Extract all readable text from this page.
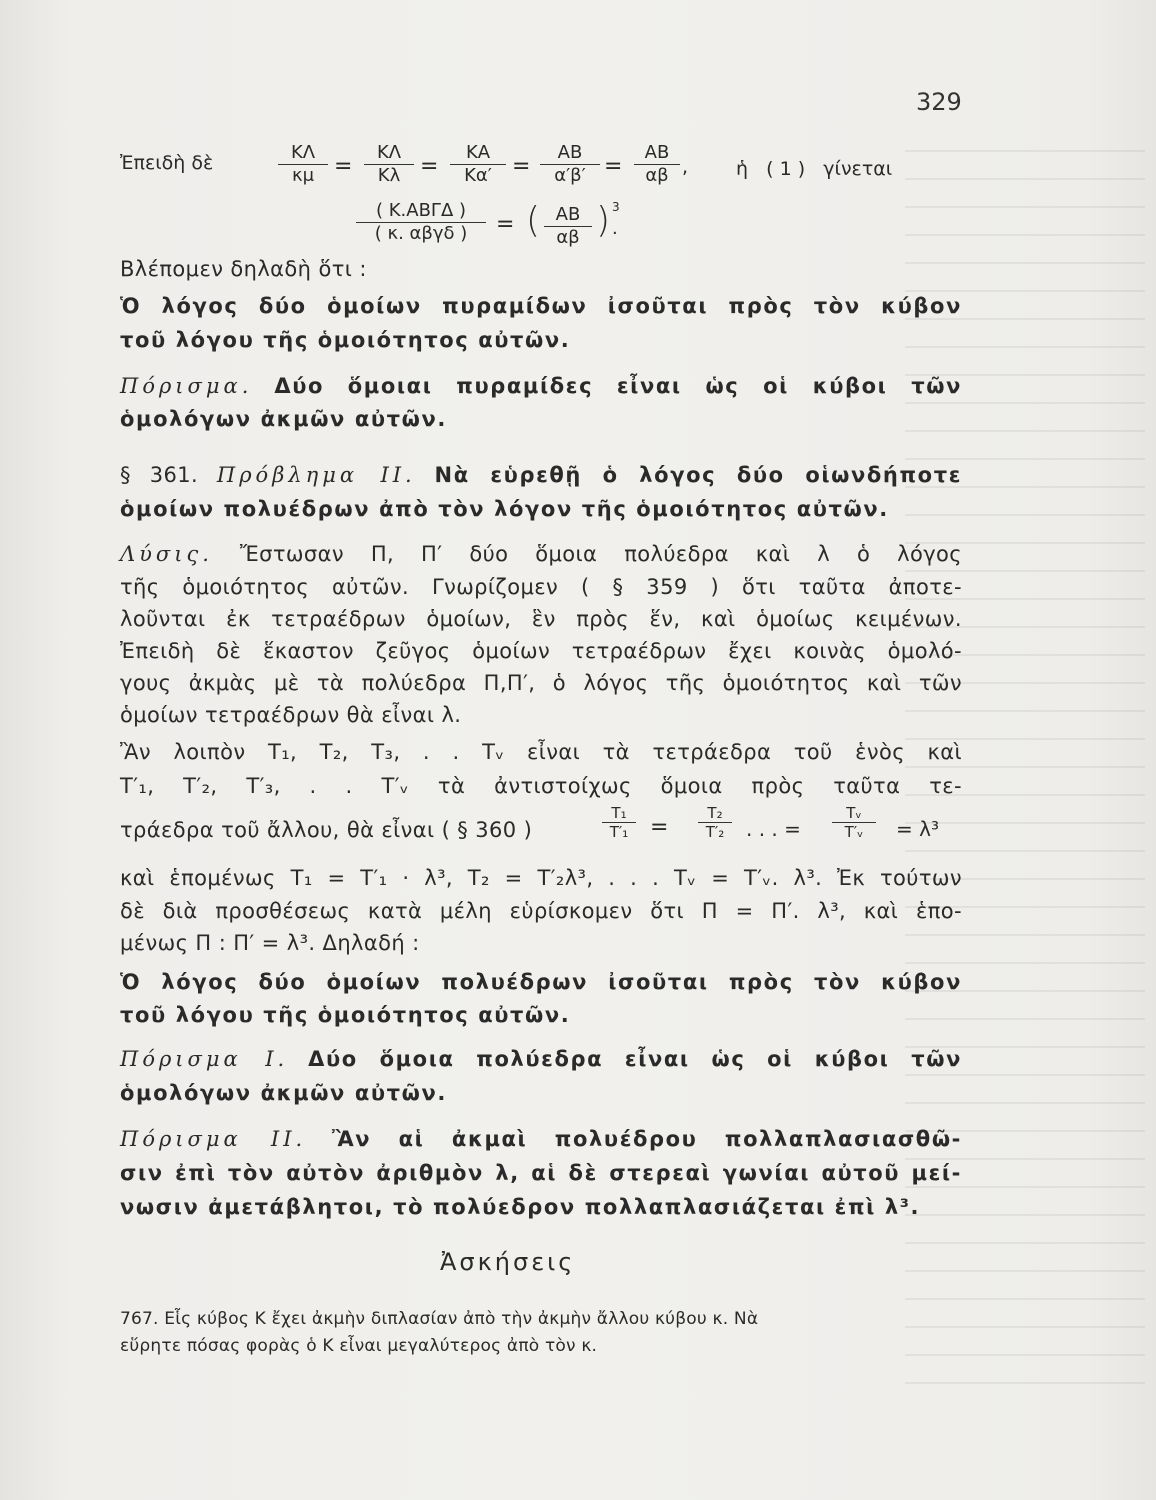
329
Ἐπειδὴ δὲ	$\frac{K\Lambda}{\kappa\mu} = \frac{K\Lambda}{K\lambda} = \frac{KA}{K\alpha'} = \frac{AB}{\alpha'\beta'} = \frac{AB}{\alpha\beta}$ ,	ἡ   ( 1 )   γίνεται
( Κ.ΑΒΓΔ )
( κ. αβγδ )	= ( $\frac{AB}{\alpha\beta}$ ) 3
.
Βλέπομεν δηλαδὴ ὅτι :
Ὁ λόγος δύο ὁμοίων πυραμίδων ἰσοῦται πρὸς τὸν κύβον
τοῦ λόγου τῆς ὁμοιότητος αὐτῶν.
Πόρισμα. Δύο ὅμοιαι πυραμίδες εἶναι ὡς οἱ κύβοι τῶν
ὁμολόγων ἀκμῶν αὐτῶν.
§ 361. Πρόβλημα ΙΙ. Νὰ εὑρεθῇ ὁ λόγος δύο οἱωνδήποτε
ὁμοίων πολυέδρων ἀπὸ τὸν λόγον τῆς ὁμοιότητος αὐτῶν.
Λύσις. Ἔστωσαν Π, Π′ δύο ὅμοια πολύεδρα καὶ λ ὁ λόγος
τῆς ὁμοιότητος αὐτῶν. Γνωρίζομεν ( § 359 ) ὅτι ταῦτα ἀποτε-
λοῦνται ἐκ τετραέδρων ὁμοίων, ἓν πρὸς ἕν, καὶ ὁμοίως κειμένων.
Ἐπειδὴ δὲ ἕκαστον ζεῦγος ὁμοίων τετραέδρων ἔχει κοινὰς ὁμολό-
γους ἀκμὰς μὲ τὰ πολύεδρα Π,Π′, ὁ λόγος τῆς ὁμοιότητος καὶ τῶν
ὁμοίων τετραέδρων θὰ εἶναι λ.
Ἂν λοιπὸν Τ₁, Τ₂, Τ₃, . . Τᵥ εἶναι τὰ τετράεδρα τοῦ ἑνὸς καὶ
Τ′₁, Τ′₂, Τ′₃, . . Τ′ᵥ τὰ ἀντιστοίχως ὅμοια πρὸς ταῦτα τε-
τράεδρα τοῦ ἄλλου, θὰ εἶναι ( § 360 )	$\frac{\text{Τ₁}}{\text{Τ′₁}} = \frac{\text{Τ₂}}{\text{Τ′₂}}$ . . . = $\frac{\text{Τᵥ}}{\text{Τ′ᵥ}} = \lambda^3$
καὶ ἑπομένως Τ₁ = Τ′₁ · λ³, Τ₂ = Τ′₂λ³, . . . Τᵥ = Τ′ᵥ. λ³. Ἐκ τούτων
δὲ διὰ προσθέσεως κατὰ μέλη εὑρίσκομεν ὅτι Π = Π′. λ³, καὶ ἑπο-
μένως Π : Π′ = λ³. Δηλαδή :
Ὁ λόγος δύο ὁμοίων πολυέδρων ἰσοῦται πρὸς τὸν κύβον
τοῦ λόγου τῆς ὁμοιότητος αὐτῶν.
Πόρισμα Ι. Δύο ὅμοια πολύεδρα εἶναι ὡς οἱ κύβοι τῶν
ὁμολόγων ἀκμῶν αὐτῶν.
Πόρισμα ΙΙ. Ἂν αἱ ἀκμαὶ πολυέδρου πολλαπλασιασθῶ-
σιν ἐπὶ τὸν αὐτὸν ἀριθμὸν λ, αἱ δὲ στερεαὶ γωνίαι αὐτοῦ μεί-
νωσιν ἀμετάβλητοι, τὸ πολύεδρον πολλαπλασιάζεται ἐπὶ λ³.
Ἀσκήσεις
767. Εἷς κύβος Κ ἔχει ἀκμὴν διπλασίαν ἀπὸ τὴν ἀκμὴν ἄλλου κύβου κ. Νὰ
εὕρητε πόσας φορὰς ὁ Κ εἶναι μεγαλύτερος ἀπὸ τὸν κ.
